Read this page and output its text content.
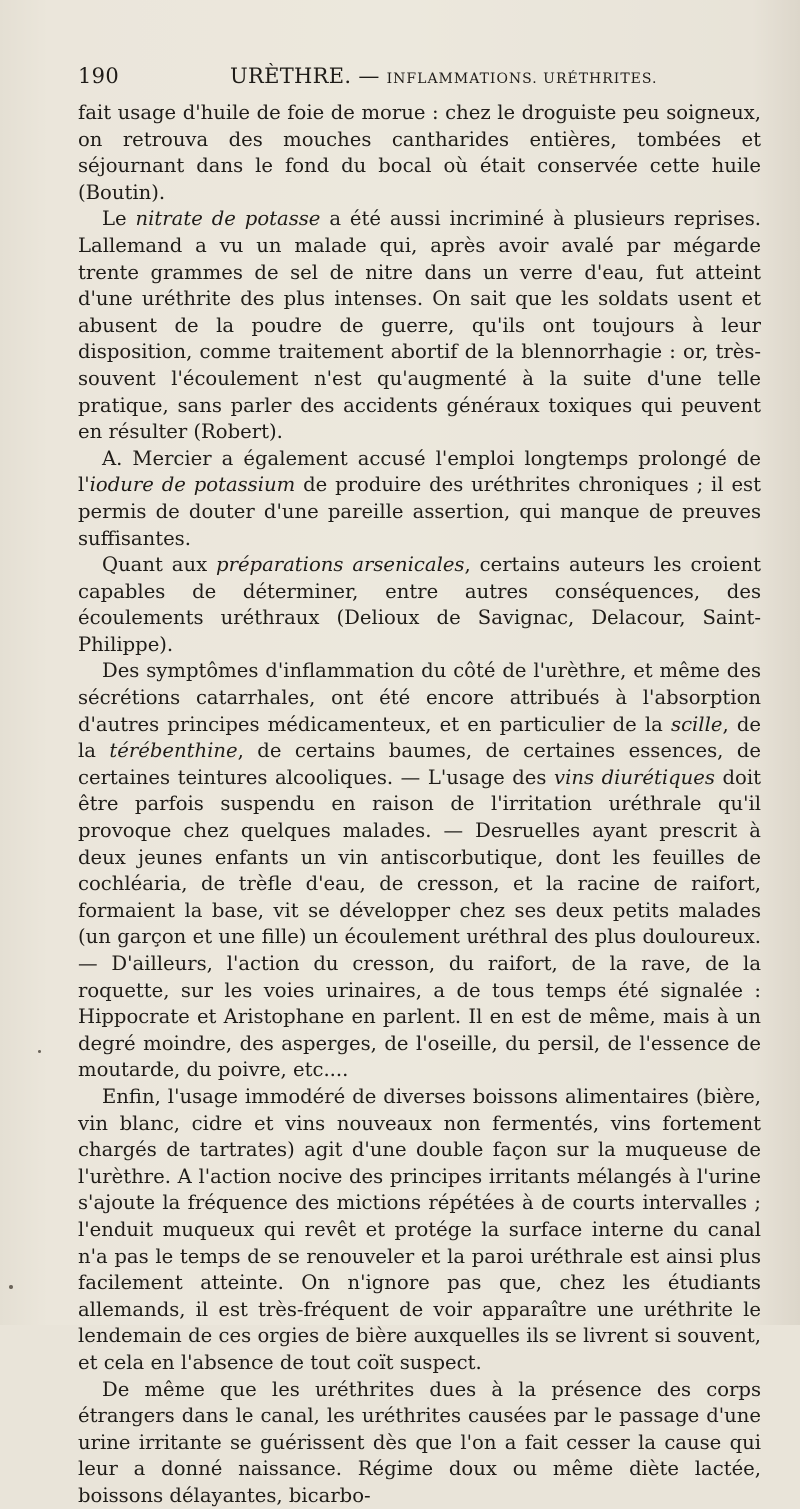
190	URÈTHRE. — INFLAMMATIONS. URÉTHRITES.

fait usage d'huile de foie de morue : chez le droguiste peu soigneux, on retrouva des mouches cantharides entières, tombées et séjournant dans le fond du bocal où était conservée cette huile (Boutin).

Le nitrate de potasse a été aussi incriminé à plusieurs reprises. Lallemand a vu un malade qui, après avoir avalé par mégarde trente grammes de sel de nitre dans un verre d'eau, fut atteint d'une uréthrite des plus intenses. On sait que les soldats usent et abusent de la poudre de guerre, qu'ils ont toujours à leur disposition, comme traitement abortif de la blennorrhagie : or, très-souvent l'écoulement n'est qu'augmenté à la suite d'une telle pratique, sans parler des accidents généraux toxiques qui peuvent en résulter (Robert).

A. Mercier a également accusé l'emploi longtemps prolongé de l'iodure de potassium de produire des uréthrites chroniques ; il est permis de douter d'une pareille assertion, qui manque de preuves suffisantes.

Quant aux préparations arsenicales, certains auteurs les croient capables de déterminer, entre autres conséquences, des écoulements uréthraux (Delioux de Savignac, Delacour, Saint-Philippe).

Des symptômes d'inflammation du côté de l'urèthre, et même des sécrétions catarrhales, ont été encore attribués à l'absorption d'autres principes médicamenteux, et en particulier de la scille, de la térébenthine, de certains baumes, de certaines essences, de certaines teintures alcooliques. — L'usage des vins diurétiques doit être parfois suspendu en raison de l'irritation uréthrale qu'il provoque chez quelques malades. — Desruelles ayant prescrit à deux jeunes enfants un vin antiscorbutique, dont les feuilles de cochléaria, de trèfle d'eau, de cresson, et la racine de raifort, formaient la base, vit se développer chez ses deux petits malades (un garçon et une fille) un écoulement uréthral des plus douloureux. — D'ailleurs, l'action du cresson, du raifort, de la rave, de la roquette, sur les voies urinaires, a de tous temps été signalée : Hippocrate et Aristophane en parlent. Il en est de même, mais à un degré moindre, des asperges, de l'oseille, du persil, de l'essence de moutarde, du poivre, etc....

Enfin, l'usage immodéré de diverses boissons alimentaires (bière, vin blanc, cidre et vins nouveaux non fermentés, vins fortement chargés de tartrates) agit d'une double façon sur la muqueuse de l'urèthre. A l'action nocive des principes irritants mélangés à l'urine s'ajoute la fréquence des mictions répétées à de courts intervalles ; l'enduit muqueux qui revêt et protége la surface interne du canal n'a pas le temps de se renouveler et la paroi uréthrale est ainsi plus facilement atteinte. On n'ignore pas que, chez les étudiants allemands, il est très-fréquent de voir apparaître une uréthrite le lendemain de ces orgies de bière auxquelles ils se livrent si souvent, et cela en l'absence de tout coït suspect.

De même que les uréthrites dues à la présence des corps étrangers dans le canal, les uréthrites causées par le passage d'une urine irritante se guérissent dès que l'on a fait cesser la cause qui leur a donné naissance. Régime doux ou même diète lactée, boissons délayantes, bicarbo-
